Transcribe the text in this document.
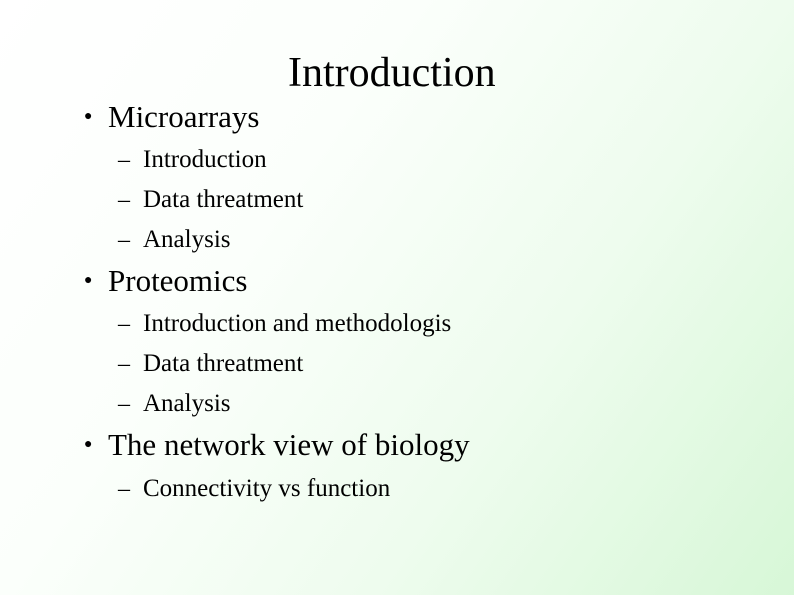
Introduction
● Microarrays
– Introduction
– Data threatment
– Analysis
● Proteomics
– Introduction and methodologis
– Data threatment
– Analysis
● The network view of biology
– Connectivity vs function
